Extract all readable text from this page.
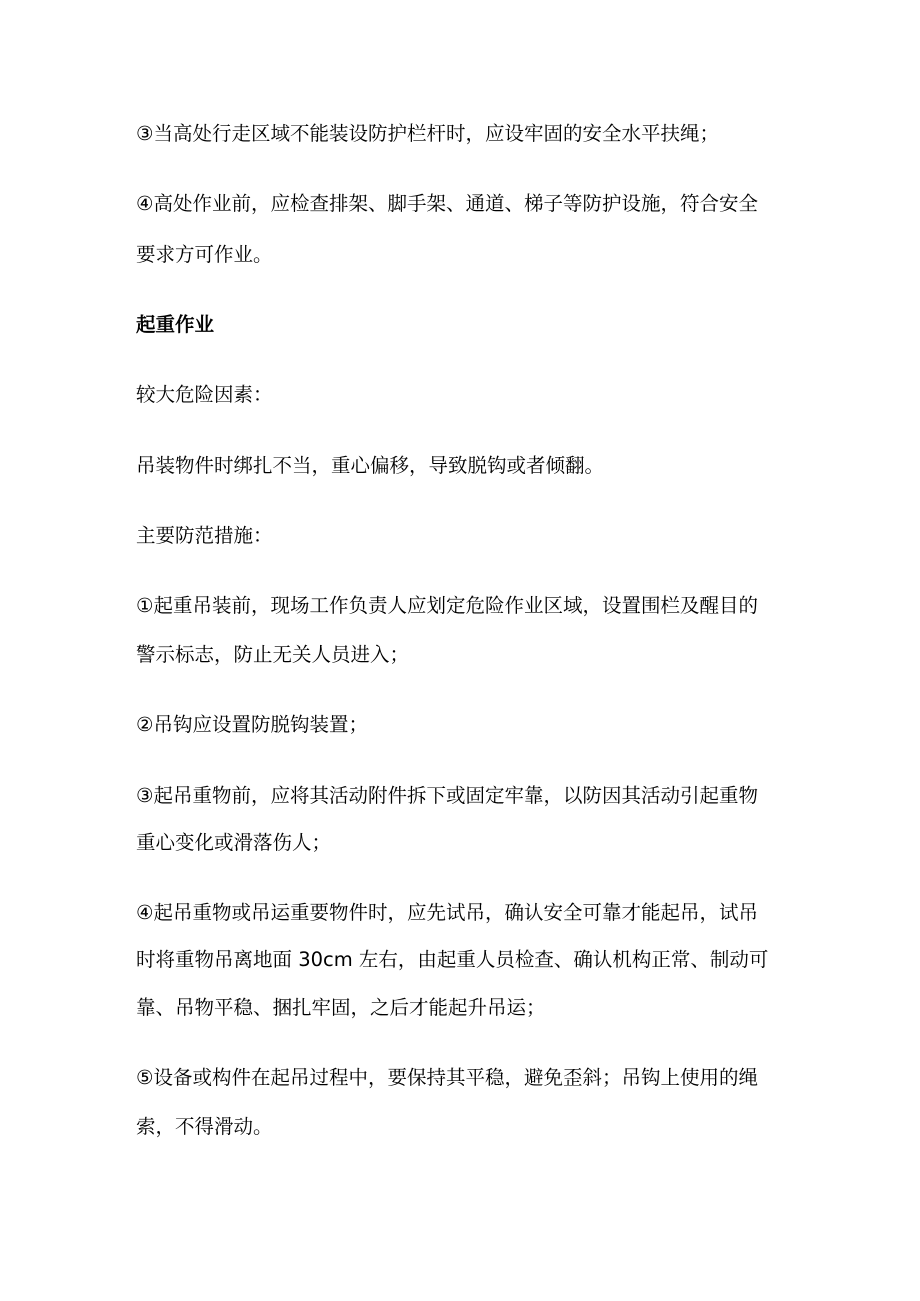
③当高处行走区域不能装设防护栏杆时，应设牢固的安全水平扶绳；
④高处作业前，应检查排架、脚手架、通道、梯子等防护设施，符合安全
要求方可作业。
起重作业
较大危险因素：
吊装物件时绑扎不当，重心偏移，导致脱钩或者倾翻。
主要防范措施：
①起重吊装前，现场工作负责人应划定危险作业区域，设置围栏及醒目的
警示标志，防止无关人员进入；
②吊钩应设置防脱钩装置；
③起吊重物前，应将其活动附件拆下或固定牢靠，以防因其活动引起重物
重心变化或滑落伤人；
④起吊重物或吊运重要物件时，应先试吊，确认安全可靠才能起吊，试吊
时将重物吊离地面 30cm 左右，由起重人员检查、确认机构正常、制动可
靠、吊物平稳、捆扎牢固，之后才能起升吊运；
⑤设备或构件在起吊过程中，要保持其平稳，避免歪斜；吊钩上使用的绳
索，不得滑动。
